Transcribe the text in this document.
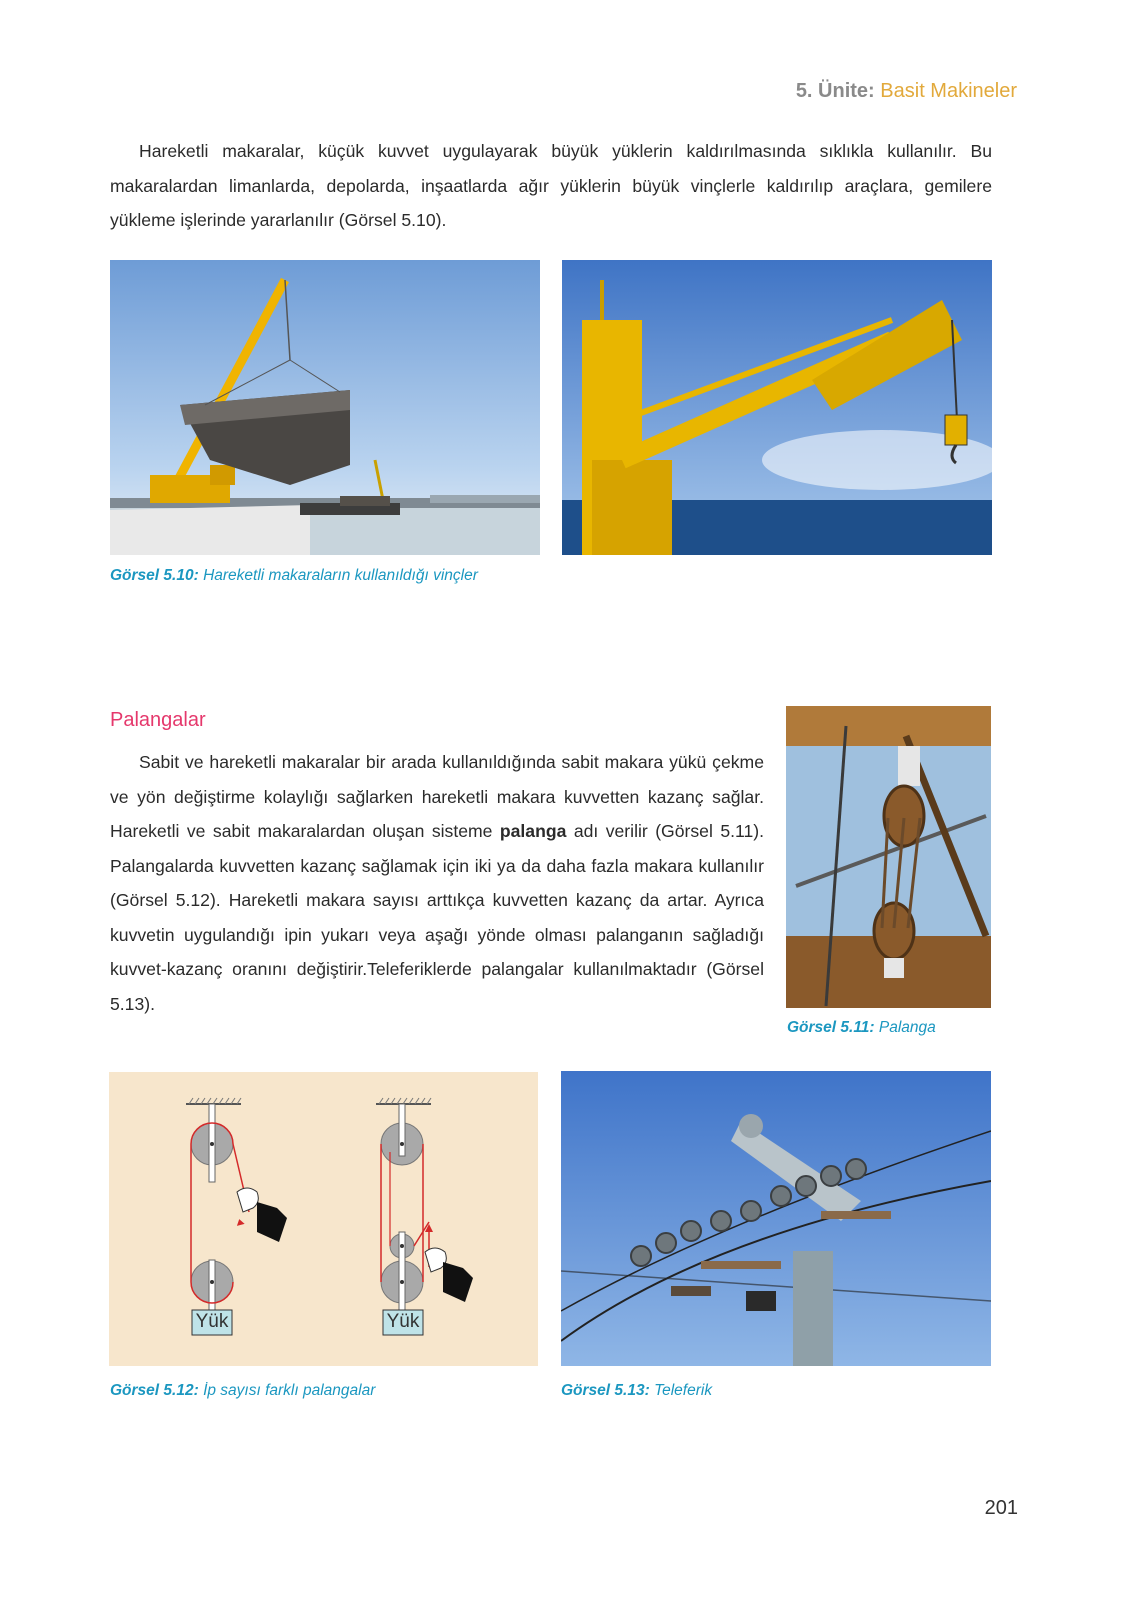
5. Ünite: Basit Makineler
Hareketli makaralar, küçük kuvvet uygulayarak büyük yüklerin kaldırılmasında sıklıkla kullanılır. Bu makaralardan limanlarda, depolarda, inşaatlarda ağır yüklerin büyük vinçlerle kaldırılıp araçlara, gemilere yükleme işlerinde yararlanılır (Görsel 5.10).
Görsel 5.10: Hareketli makaraların kullanıldığı vinçler
Palangalar
Sabit ve hareketli makaralar bir arada kullanıldığında sabit makara yükü çekme ve yön değiştirme kolaylığı sağlarken hareketli makara kuvvetten kazanç sağlar. Hareketli ve sabit makaralardan oluşan sisteme palanga adı verilir (Görsel 5.11). Palangalarda kuvvetten kazanç sağlamak için iki ya da daha fazla makara kullanılır (Görsel 5.12). Hareketli makara sayısı arttıkça kuvvetten kazanç da artar. Ayrıca kuvvetin uygulandığı ipin yukarı veya aşağı yönde olması palanganın sağladığı kuvvet-kazanç oranını değiştirir.Teleferiklerde palangalar kullanılmaktadır (Görsel 5.13).
Görsel 5.11: Palanga
Yük	Yük
Görsel 5.12: İp sayısı farklı palangalar	Görsel 5.13: Teleferik
201
